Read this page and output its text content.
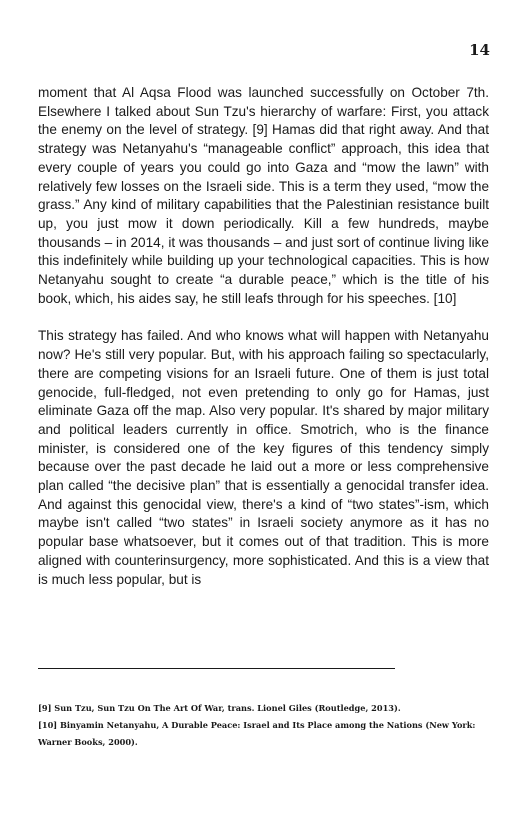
14

moment that Al Aqsa Flood was launched successfully on October 7th. Elsewhere I talked about Sun Tzu's hierarchy of warfare: First, you attack the enemy on the level of strategy. [9] Hamas did that right away. And that strategy was Netanyahu's “manageable conflict” approach, this idea that every couple of years you could go into Gaza and “mow the lawn” with relatively few losses on the Israeli side. This is a term they used, “mow the grass.” Any kind of military capabilities that the Palestinian resistance built up, you just mow it down periodically. Kill a few hundreds, maybe thousands – in 2014, it was thousands – and just sort of continue living like this indefinitely while building up your technological capacities. This is how Netanyahu sought to create “a durable peace,” which is the title of his book, which, his aides say, he still leafs through for his speeches. [10]

This strategy has failed. And who knows what will happen with Netanyahu now? He's still very popular. But, with his approach failing so spectacularly, there are competing visions for an Israeli future. One of them is just total genocide, full-fledged, not even pretending to only go for Hamas, just eliminate Gaza off the map. Also very popular. It's shared by major military and political leaders currently in office. Smotrich, who is the finance minister, is considered one of the key figures of this tendency simply because over the past decade he laid out a more or less comprehensive plan called “the decisive plan” that is essentially a genocidal transfer idea. And against this genocidal view, there's a kind of “two states”-ism, which maybe isn't called “two states” in Israeli society anymore as it has no popular base whatsoever, but it comes out of that tradition. This is more aligned with counterinsurgency, more sophisticated. And this is a view that is much less popular, but is

[9] Sun Tzu, Sun Tzu On The Art Of War, trans. Lionel Giles (Routledge, 2013).

[10] Binyamin Netanyahu, A Durable Peace: Israel and Its Place among the Nations (New York: Warner Books, 2000).
